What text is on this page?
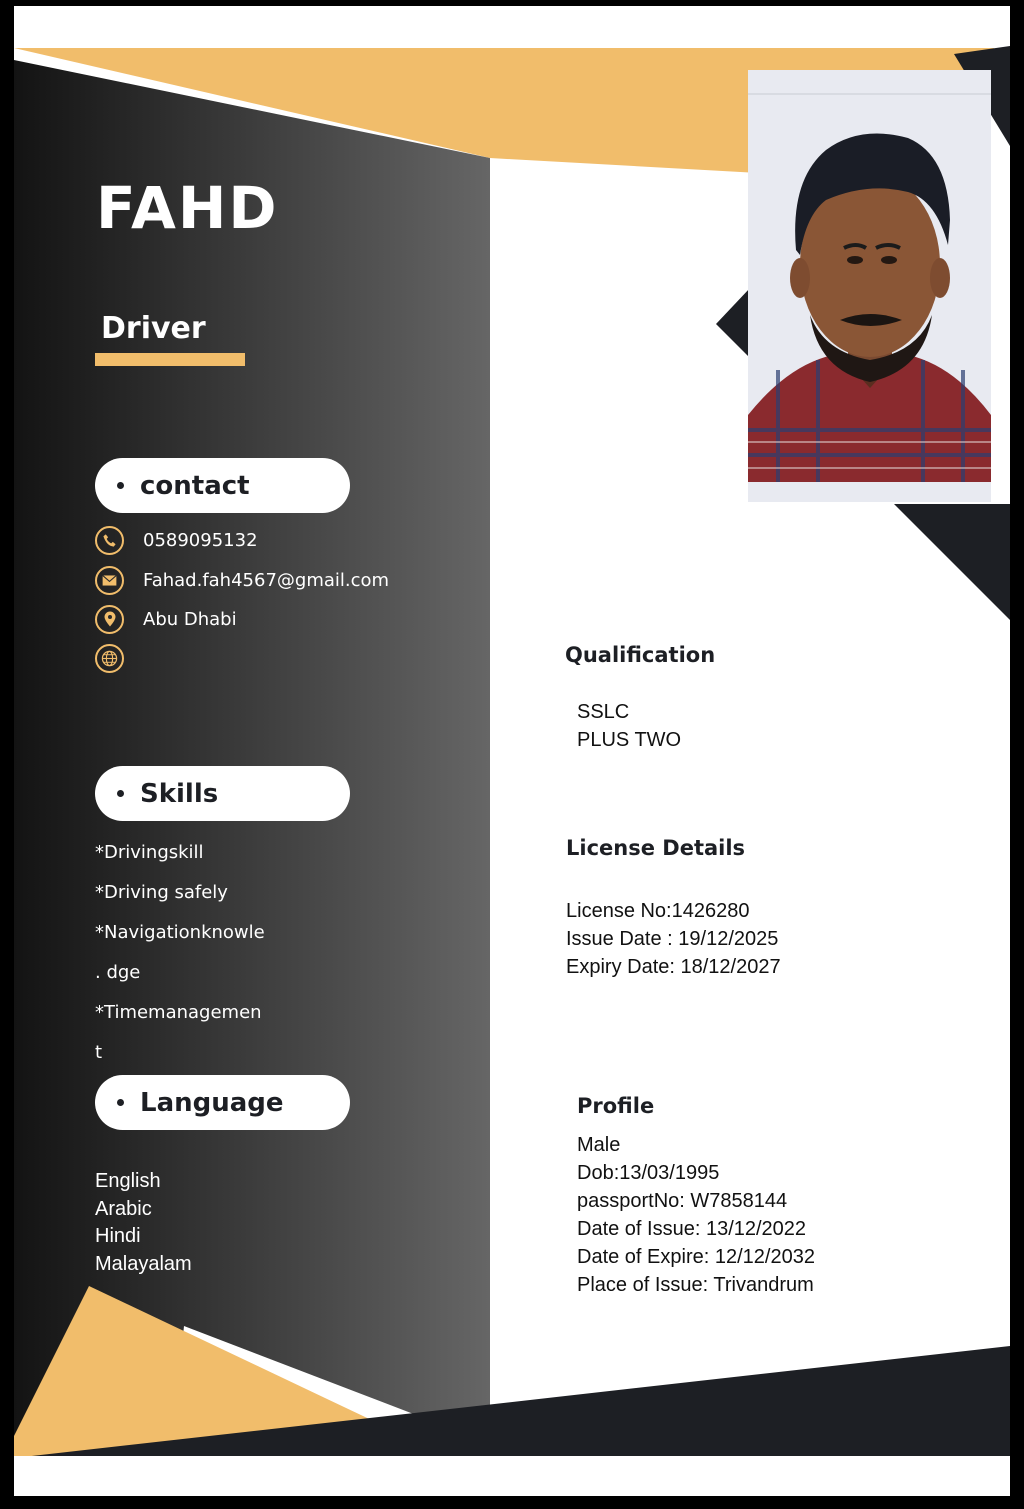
FAHD
Driver
contact
0589095132
Fahad.fah4567@gmail.com
Abu Dhabi
Skills
*Drivingskill
*Driving safely
*Navigationknowle
. dge
*Timemanagemen
t
Language
English
Arabic
Hindi
Malayalam
Qualification
SSLC
PLUS TWO
License Details
License No:1426280
Issue Date : 19/12/2025
Expiry Date: 18/12/2027
Profile
Male
Dob:13/03/1995
passportNo: W7858144
Date of Issue: 13/12/2022
Date of Expire: 12/12/2032
Place of Issue: Trivandrum
